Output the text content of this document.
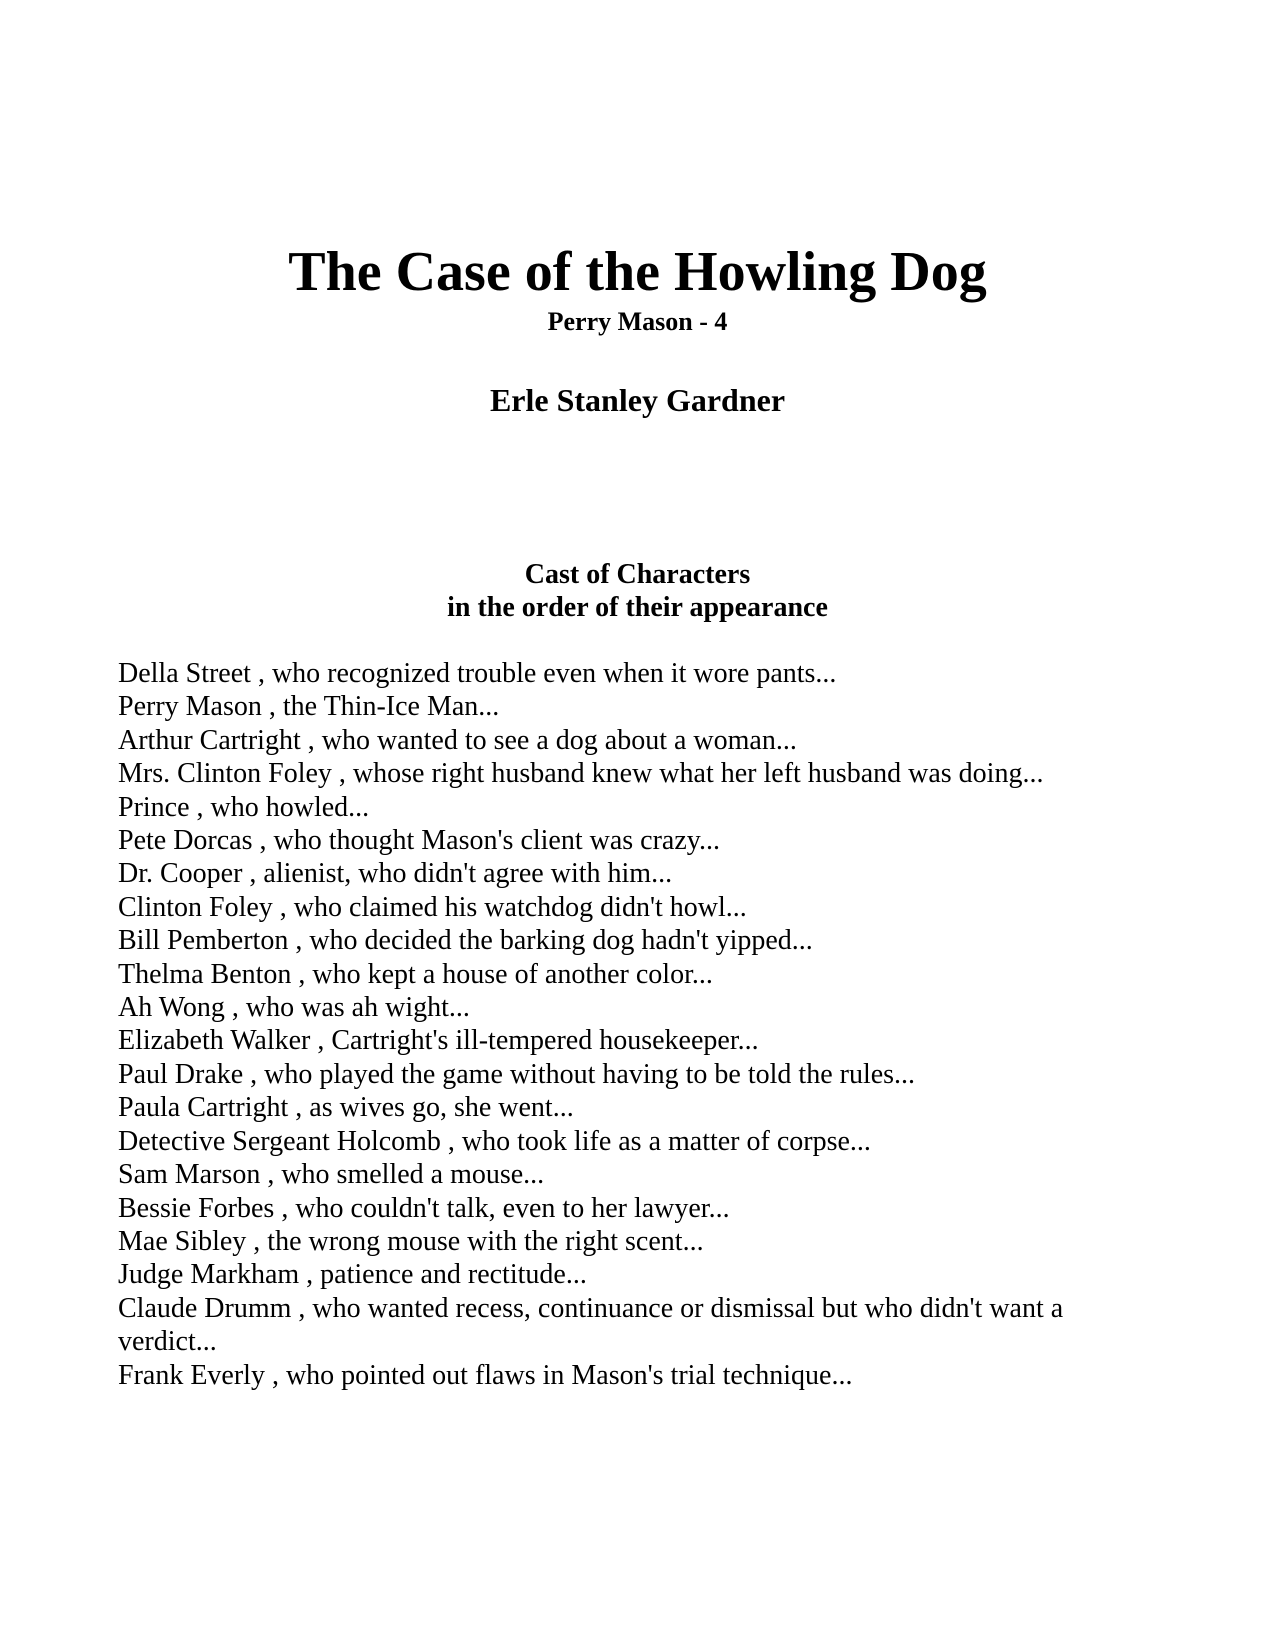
The Case of the Howling Dog
Perry Mason - 4
Erle Stanley Gardner
Cast of Characters
in the order of their appearance
Della Street , who recognized trouble even when it wore pants...
Perry Mason , the Thin-Ice Man...
Arthur Cartright , who wanted to see a dog about a woman...
Mrs. Clinton Foley , whose right husband knew what her left husband was doing...
Prince , who howled...
Pete Dorcas , who thought Mason's client was crazy...
Dr. Cooper , alienist, who didn't agree with him...
Clinton Foley , who claimed his watchdog didn't howl...
Bill Pemberton , who decided the barking dog hadn't yipped...
Thelma Benton , who kept a house of another color...
Ah Wong , who was ah wight...
Elizabeth Walker , Cartright's ill-tempered housekeeper...
Paul Drake , who played the game without having to be told the rules...
Paula Cartright , as wives go, she went...
Detective Sergeant Holcomb , who took life as a matter of corpse...
Sam Marson , who smelled a mouse...
Bessie Forbes , who couldn't talk, even to her lawyer...
Mae Sibley , the wrong mouse with the right scent...
Judge Markham , patience and rectitude...
Claude Drumm , who wanted recess, continuance or dismissal but who didn't want a verdict...
Frank Everly , who pointed out flaws in Mason's trial technique...
